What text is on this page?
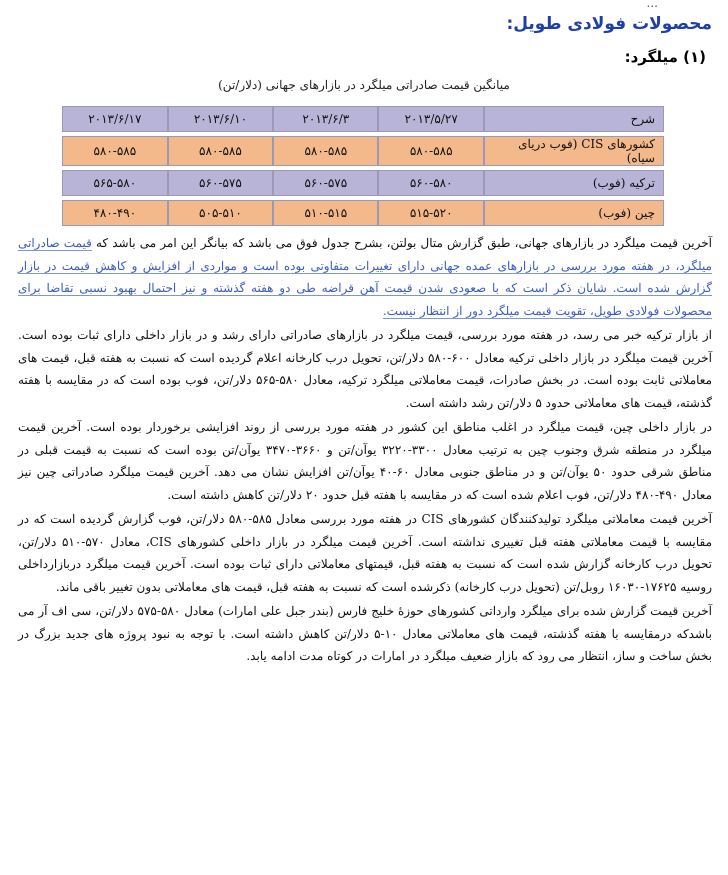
...
محصولات فولادی طویل:
(۱) میلگرد:
میانگین قیمت صادراتی میلگرد در بازارهای جهانی (دلار/تن)
شرح	۲۰۱۳/۵/۲۷	۲۰۱۳/۶/۳	۲۰۱۳/۶/۱۰	۲۰۱۳/۶/۱۷
کشورهای CIS (فوب دریای سیاه)	۵۸۰-۵۸۵	۵۸۰-۵۸۵	۵۸۰-۵۸۵	۵۸۰-۵۸۵
ترکیه (فوب)	۵۶۰-۵۸۰	۵۶۰-۵۷۵	۵۶۰-۵۷۵	۵۶۵-۵۸۰
چین (فوب)	۵۱۵-۵۲۰	۵۱۰-۵۱۵	۵۰۵-۵۱۰	۴۸۰-۴۹۰

آخرین قیمت میلگرد در بازارهای جهانی، طبق گزارش متال بولتن، بشرح جدول فوق می باشد که بیانگر این امر می باشد که قیمت صادراتی میلگرد، در هفته مورد بررسی در بازارهای عمده جهانی دارای تغییرات متفاوتی بوده است و مواردی از افزایش و کاهش قیمت در بازار گزارش شده است. شایان ذکر است که با صعودی شدن قیمت آهن قراضه طی دو هفته گذشته و نیز احتمال بهبود نسبی تقاضا برای محصولات فولادی طویل، تقویت قیمت میلگرد دور از انتظار نیست.

از بازار ترکیه خبر می رسد، در هفته مورد بررسی، قیمت میلگرد در بازارهای صادراتی دارای رشد و در بازار داخلی دارای ثبات بوده است. آخرین قیمت میلگرد در بازار داخلی ترکیه معادل ۶۰۰-۵۸۰ دلار/تن، تحویل درب کارخانه اعلام گردیده است که نسبت به هفته قبل، قیمت های معاملاتی ثابت بوده است. در بخش صادرات، قیمت معاملاتی میلگرد ترکیه، معادل ۵۸۰-۵۶۵ دلار/تن، فوب بوده است که در مقایسه با هفته گذشته، قیمت های معاملاتی حدود ۵ دلار/تن رشد داشته است.

در بازار داخلی چین، قیمت میلگرد در اغلب مناطق این کشور در هفته مورد بررسی از روند افزایشی برخوردار بوده است. آخرین قیمت میلگرد در منطقه شرق وجنوب چین به ترتیب معادل ۳۳۰۰-۳۲۲۰ یوآن/تن و ۳۶۶۰-۳۴۷۰ یوآن/تن بوده است که نسبت به قیمت قبلی در مناطق شرقی حدود ۵۰ یوآن/تن و در مناطق جنوبی معادل ۶۰-۴۰ یوآن/تن افزایش نشان می دهد. آخرین قیمت میلگرد صادراتی چین نیز معادل ۴۹۰-۴۸۰ دلار/تن، فوب اعلام شده است که در مقایسه با هفته قبل حدود ۲۰ دلار/تن کاهش داشته است.

آخرین قیمت معاملاتی میلگرد تولیدکنندگان کشورهای CIS در هفته مورد بررسی معادل ۵۸۵-۵۸۰ دلار/تن، فوب گزارش گردیده است که در مقایسه با قیمت معاملاتی هفته قبل تغییری نداشته است. آخرین قیمت میلگرد در بازار داخلی کشورهای CIS، معادل ۵۷۰-۵۱۰ دلار/تن، تحویل درب کارخانه گزارش شده است که نسبت به هفته قبل، قیمتهای معاملاتی دارای ثبات بوده است. آخرین قیمت میلگرد دربازارداخلی روسیه ۱۷۶۲۵-۱۶۰۳۰ روبل/تن (تحویل درب کارخانه) ذکرشده است که نسبت به هفته قبل، قیمت های معاملاتی بدون تغییر باقی ماند.

آخرین قیمت گزارش شده برای میلگرد وارداتی کشورهای حوزهٔ خلیج فارس (بندر جبل علی امارات) معادل ۵۸۰-۵۷۵ دلار/تن، سی اف آر می باشدکه درمقایسه با هفته گذشته، قیمت های معاملاتی معادل ۱۰-۵ دلار/تن کاهش داشته است. با توجه به نبود پروژه های جدید بزرگ در بخش ساخت و ساز، انتظار می رود که بازار ضعیف میلگرد در امارات در کوتاه مدت ادامه یابد.
